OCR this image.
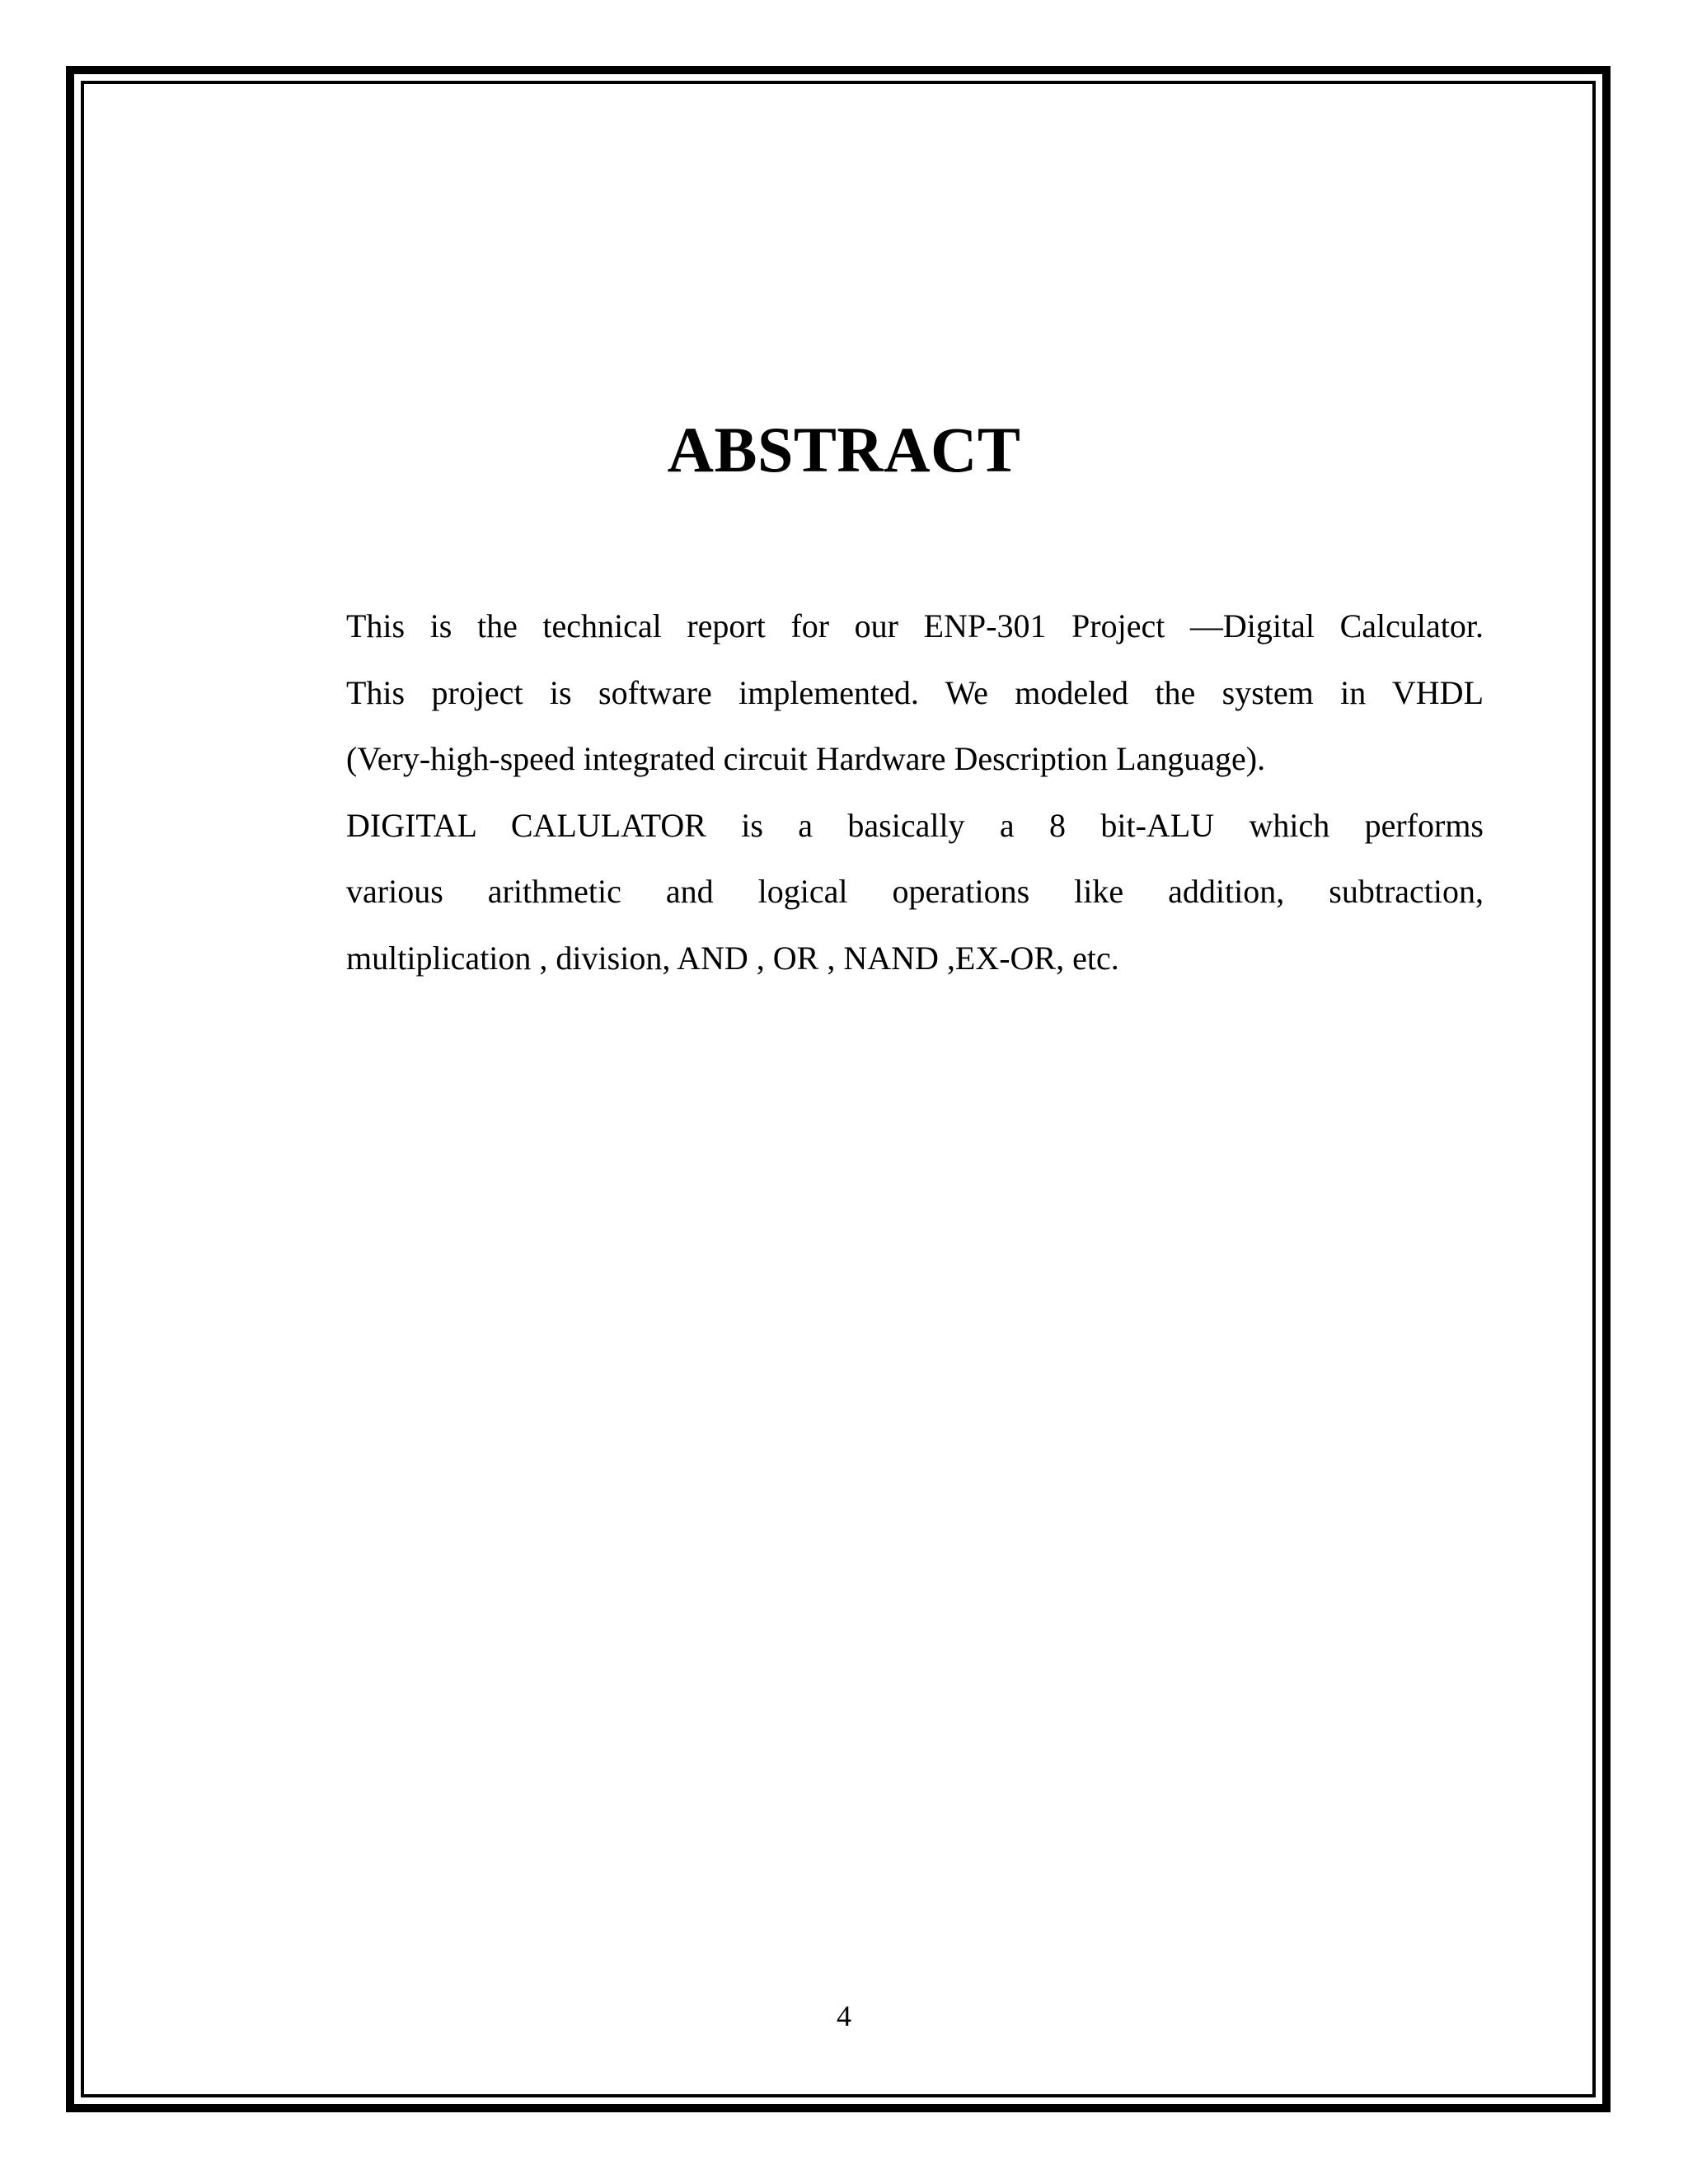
ABSTRACT
This is the technical report for our ENP-301 Project —Digital Calculator.
This project is software implemented. We modeled the system in VHDL
(Very-high-speed integrated circuit Hardware Description Language).
DIGITAL CALULATOR is a basically a 8 bit-ALU which performs
various arithmetic and logical operations like addition, subtraction,
multiplication , division, AND , OR , NAND ,EX-OR, etc.
4
